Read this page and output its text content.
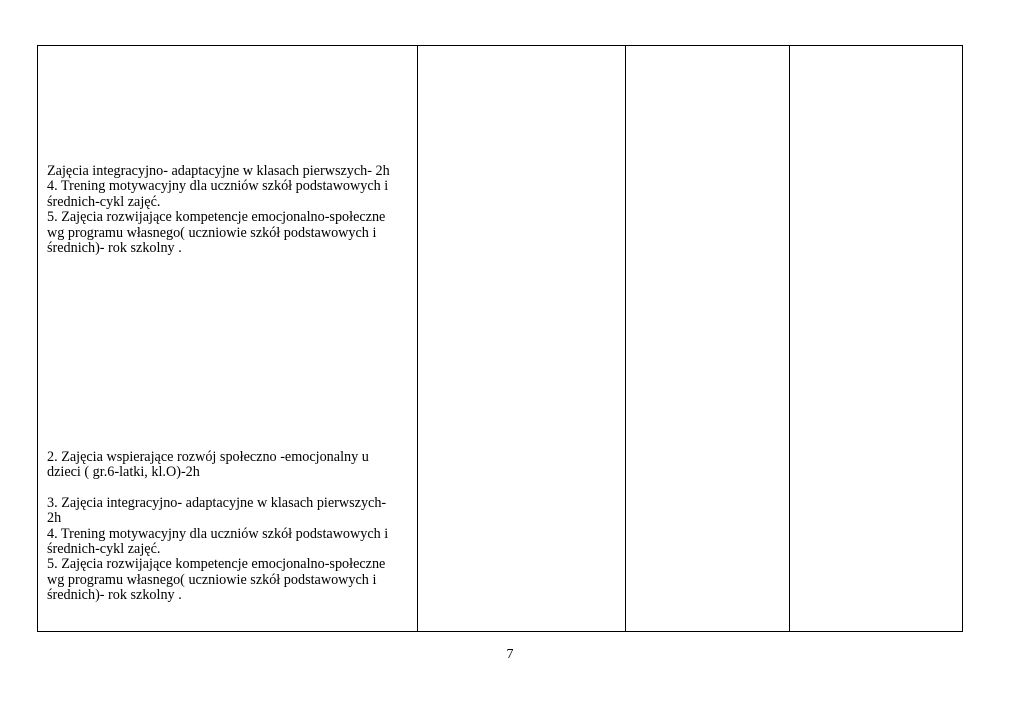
Zajęcia integracyjno- adaptacyjne w klasach pierwszych- 2h

4. Trening motywacyjny dla uczniów szkół podstawowych i

średnich-cykl zajęć.

5. Zajęcia rozwijające kompetencje emocjonalno-społeczne

wg programu własnego( uczniowie szkół podstawowych i

średnich)- rok szkolny .

2. Zajęcia wspierające rozwój społeczno -emocjonalny u

dzieci ( gr.6-latki, kl.O)-2h

3. Zajęcia integracyjno- adaptacyjne w klasach pierwszych-

2h

4. Trening motywacyjny dla uczniów szkół podstawowych i

średnich-cykl zajęć.

5. Zajęcia rozwijające kompetencje emocjonalno-społeczne

wg programu własnego( uczniowie szkół podstawowych i

średnich)- rok szkolny .

7
